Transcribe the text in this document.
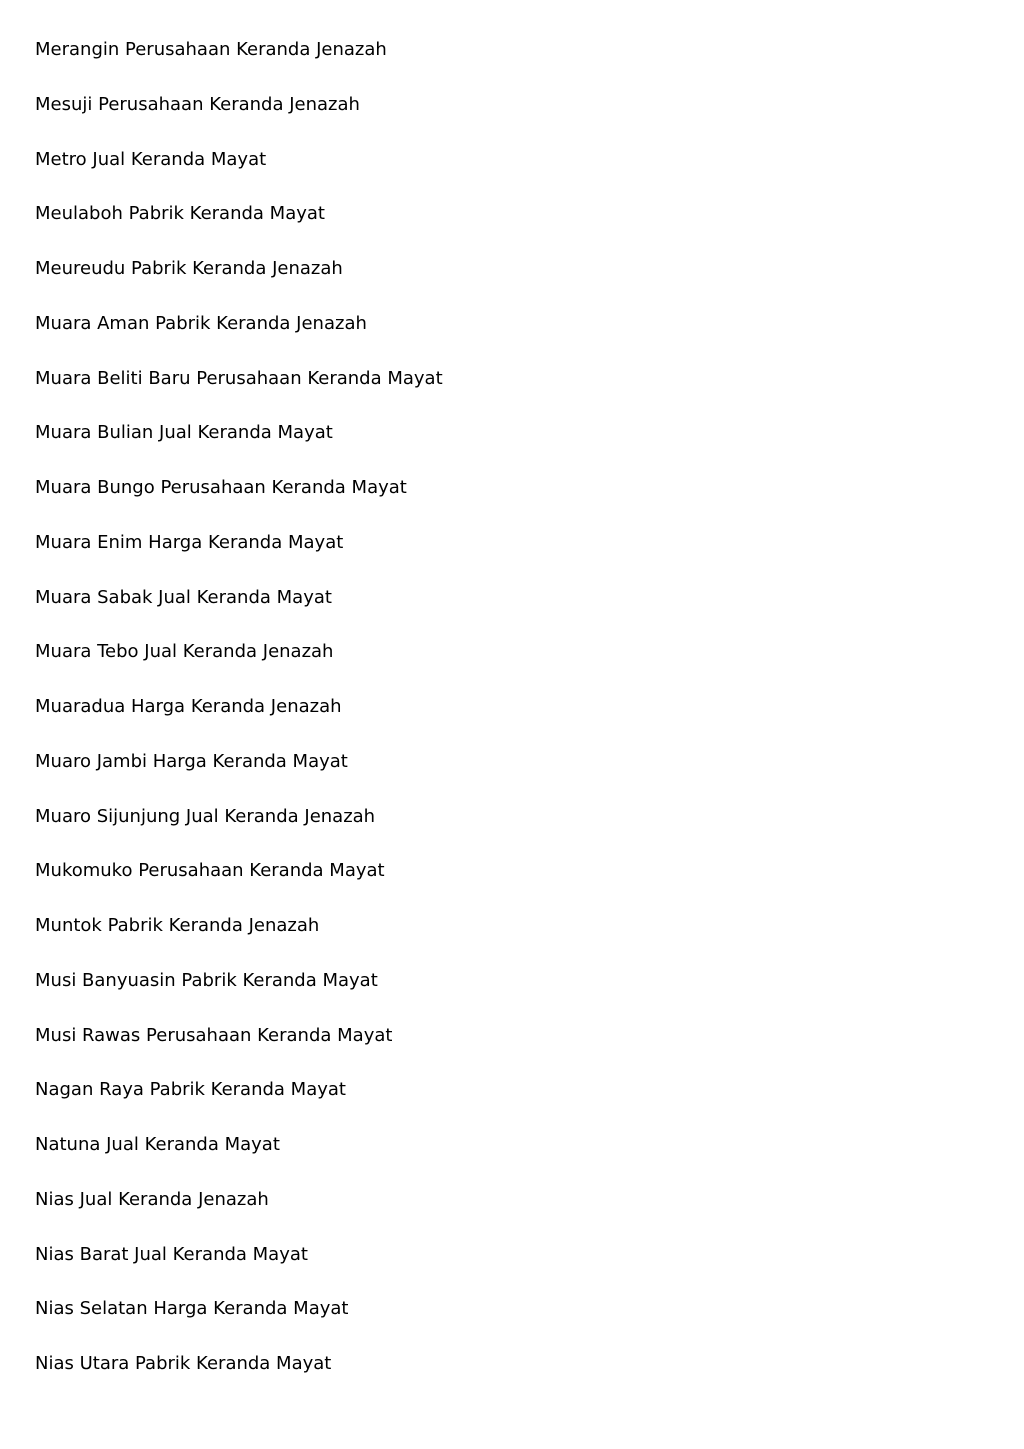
Merangin Perusahaan Keranda Jenazah
Mesuji Perusahaan Keranda Jenazah
Metro Jual Keranda Mayat
Meulaboh Pabrik Keranda Mayat
Meureudu Pabrik Keranda Jenazah
Muara Aman Pabrik Keranda Jenazah
Muara Beliti Baru Perusahaan Keranda Mayat
Muara Bulian Jual Keranda Mayat
Muara Bungo Perusahaan Keranda Mayat
Muara Enim Harga Keranda Mayat
Muara Sabak Jual Keranda Mayat
Muara Tebo Jual Keranda Jenazah
Muaradua Harga Keranda Jenazah
Muaro Jambi Harga Keranda Mayat
Muaro Sijunjung Jual Keranda Jenazah
Mukomuko Perusahaan Keranda Mayat
Muntok Pabrik Keranda Jenazah
Musi Banyuasin Pabrik Keranda Mayat
Musi Rawas Perusahaan Keranda Mayat
Nagan Raya Pabrik Keranda Mayat
Natuna Jual Keranda Mayat
Nias Jual Keranda Jenazah
Nias Barat Jual Keranda Mayat
Nias Selatan Harga Keranda Mayat
Nias Utara Pabrik Keranda Mayat
